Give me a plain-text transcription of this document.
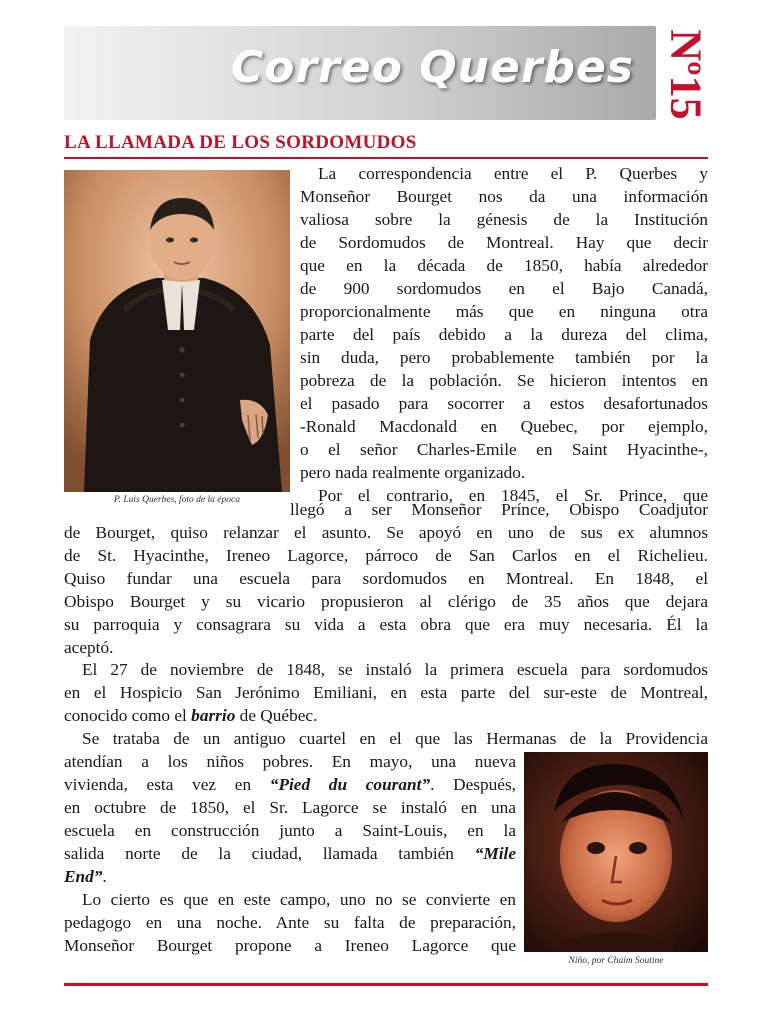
Correo Querbes Nº15
LA LLAMADA DE LOS SORDOMUDOS
P. Luis Querbes, foto de la época
La correspondencia entre el P. Querbes y
Monseñor Bourget nos da una información
valiosa sobre la génesis de la Institución
de Sordomudos de Montreal. Hay que decir
que en la década de 1850, había alrededor
de 900 sordomudos en el Bajo Canadá,
proporcionalmente más que en ninguna otra
parte del país debido a la dureza del clima,
sin duda, pero probablemente también por la
pobreza de la población. Se hicieron intentos en
el pasado para socorrer a estos desafortunados
-Ronald Macdonald en Quebec, por ejemplo,
o el señor Charles-Emile en Saint Hyacinthe-,
pero nada realmente organizado.
Por el contrario, en 1845, el Sr. Prince, que
llegó a ser Monseñor Prínce, Obispo Coadjutor
de Bourget, quiso relanzar el asunto. Se apoyó en uno de sus ex alumnos
de St. Hyacinthe, Ireneo Lagorce, párroco de San Carlos en el Richelieu.
Quiso fundar una escuela para sordomudos en Montreal. En 1848, el
Obispo Bourget y su vicario propusieron al clérigo de 35 años que dejara
su parroquia y consagrara su vida a esta obra que era muy necesaria. Él la
aceptó.
El 27 de noviembre de 1848, se instaló la primera escuela para sordomudos
en el Hospicio San Jerónimo Emiliani, en esta parte del sur-este de Montreal,
conocido como el barrio de Québec.
Se trataba de un antiguo cuartel en el que las Hermanas de la Providencia
atendían a los niños pobres. En mayo, una nueva
vivienda, esta vez en “Pied du courant”. Después,
en octubre de 1850, el Sr. Lagorce se instaló en una
escuela en construcción junto a Saint-Louis, en la
salida norte de la ciudad, llamada también “Mile
End”.
Lo cierto es que en este campo, uno no se convierte en
pedagogo en una noche. Ante su falta de preparación,
Monseñor Bourget propone a Ireneo Lagorce que
Niño, por Chaïm Soutine
